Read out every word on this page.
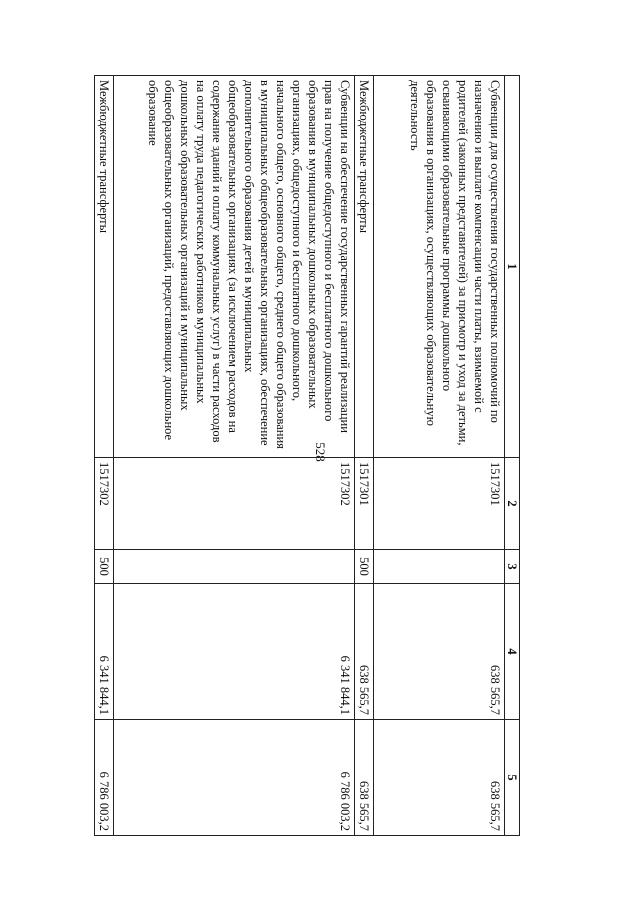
528
1	2	3	4	5
Субвенции для осуществления государственных полномочий по назначению и выплате компенсации части платы, взимаемой с родителей (законных представителей) за присмотр и уход за детьми, осваивающими образовательные программы дошкольного образования в организациях, осуществляющих образовательную деятельность	1517301		638 565,7	638 565,7
Межбюджетные трансферты	1517301	500	638 565,7	638 565,7
Субвенции на обеспечение государственных гарантий реализации прав на получение общедоступного и бесплатного дошкольного образования в муниципальных дошкольных образовательных организациях, общедоступного и бесплатного дошкольного, начального общего, основного общего, среднего общего образования в муниципальных общеобразовательных организациях, обеспечение дополнительного образования детей в муниципальных общеобразовательных организациях (за исключением расходов на содержание зданий и оплату коммунальных услуг) в части расходов на оплату труда педагогических работников муниципальных дошкольных образовательных организаций и муниципальных общеобразовательных организаций, предоставляющих дошкольное образование	1517302		6 341 844,1	6 786 003,2
Межбюджетные трансферты	1517302	500	6 341 844,1	6 786 003,2
